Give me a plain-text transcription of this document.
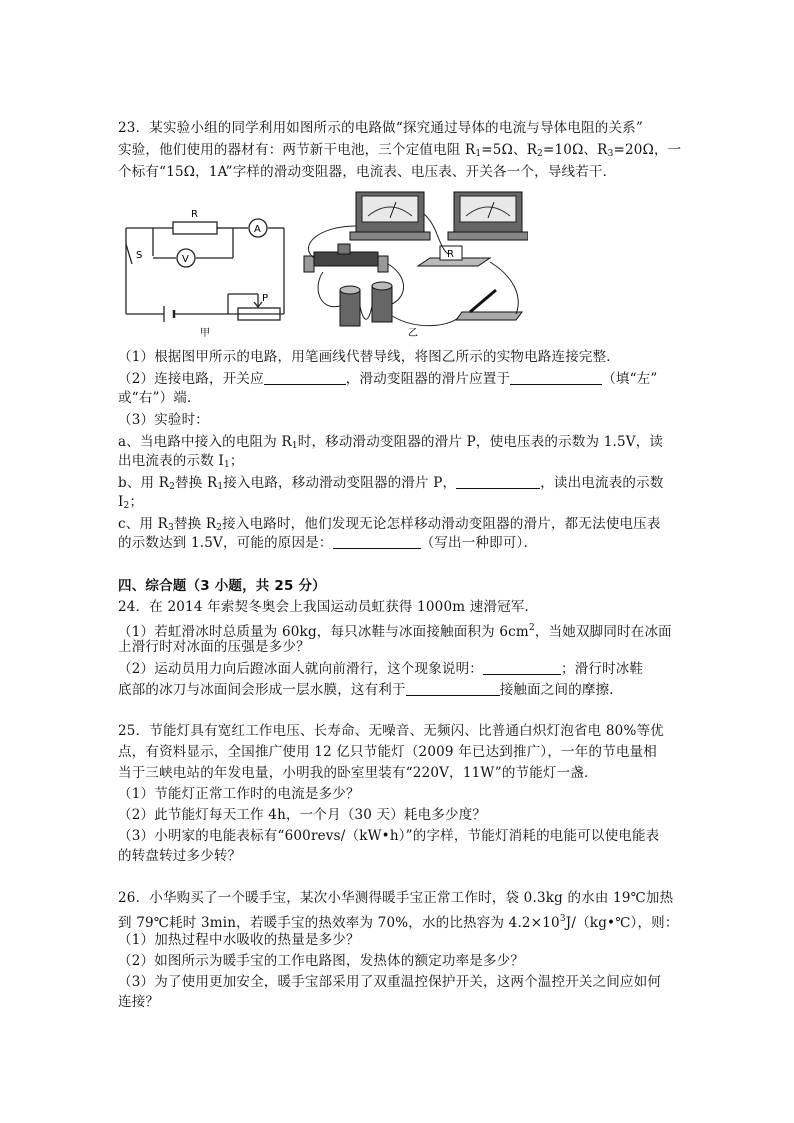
23．某实验小组的同学利用如图所示的电路做“探究通过导体的电流与导体电阻的关系”
实验，他们使用的器材有：两节新干电池，三个定值电阻 $R_1=5\Omega$、$R_2=10\Omega$、$R_3=20\Omega$，一
个标有“15Ω，1A”字样的滑动变阻器，电流表、电压表、开关各一个，导线若干．
R
A
V
S
P
甲
R
乙
（1）根据图甲所示的电路，用笔画线代替导线，将图乙所示的实物电路连接完整．
（2）连接电路，开关应	，滑动变阻器的滑片应置于	（填“左”
或“右”）端．
（3）实验时：
a、当电路中接入的电阻为 $R_1$时，移动滑动变阻器的滑片 P，使电压表的示数为 1.5V，读
出电流表的示数 $I_1$；
b、用 $R_2$替换 $R_1$接入电路，移动滑动变阻器的滑片 P，	，读出电流表的示数
$I_2$；
c、用 $R_3$替换 $R_2$接入电路时，他们发现无论怎样移动滑动变阻器的滑片，都无法使电压表
的示数达到 1.5V，可能的原因是：	（写出一种即可）．
四、综合题（3 小题，共 25 分）
24．在 2014 年索契冬奥会上我国运动员虹获得 1000m 速滑冠军．
（1）若虹滑冰时总质量为 60kg，每只冰鞋与冰面接触面积为 $6cm^2$，当她双脚同时在冰面
上滑行时对冰面的压强是多少？
（2）运动员用力向后蹬冰面人就向前滑行，这个现象说明：	；滑行时冰鞋
底部的冰刀与冰面间会形成一层水膜，这有利于	接触面之间的摩擦．
25．节能灯具有宽红工作电压、长寿命、无噪音、无频闪、比普通白炽灯泡省电 80%等优
点，有资料显示，全国推广使用 12 亿只节能灯（2009 年已达到推广），一年的节电量相
当于三峡电站的年发电量，小明我的卧室里装有“220V，11W”的节能灯一盏．
（1）节能灯正常工作时的电流是多少？
（2）此节能灯每天工作 4h，一个月（30 天）耗电多少度？
（3）小明家的电能表标有“600revs/（kW•h）”的字样，节能灯消耗的电能可以使电能表
的转盘转过多少转？
26．小华购买了一个暖手宝，某次小华测得暖手宝正常工作时，袋 0.3kg 的水由 19℃加热
到 79℃耗时 3min，若暖手宝的热效率为 70%，水的比热容为 $4.2\times 10^3J/(kg•℃)$，则：
（1）加热过程中水吸收的热量是多少？
（2）如图所示为暖手宝的工作电路图，发热体的额定功率是多少？
（3）为了使用更加安全，暖手宝部采用了双重温控保护开关，这两个温控开关之间应如何
连接？
